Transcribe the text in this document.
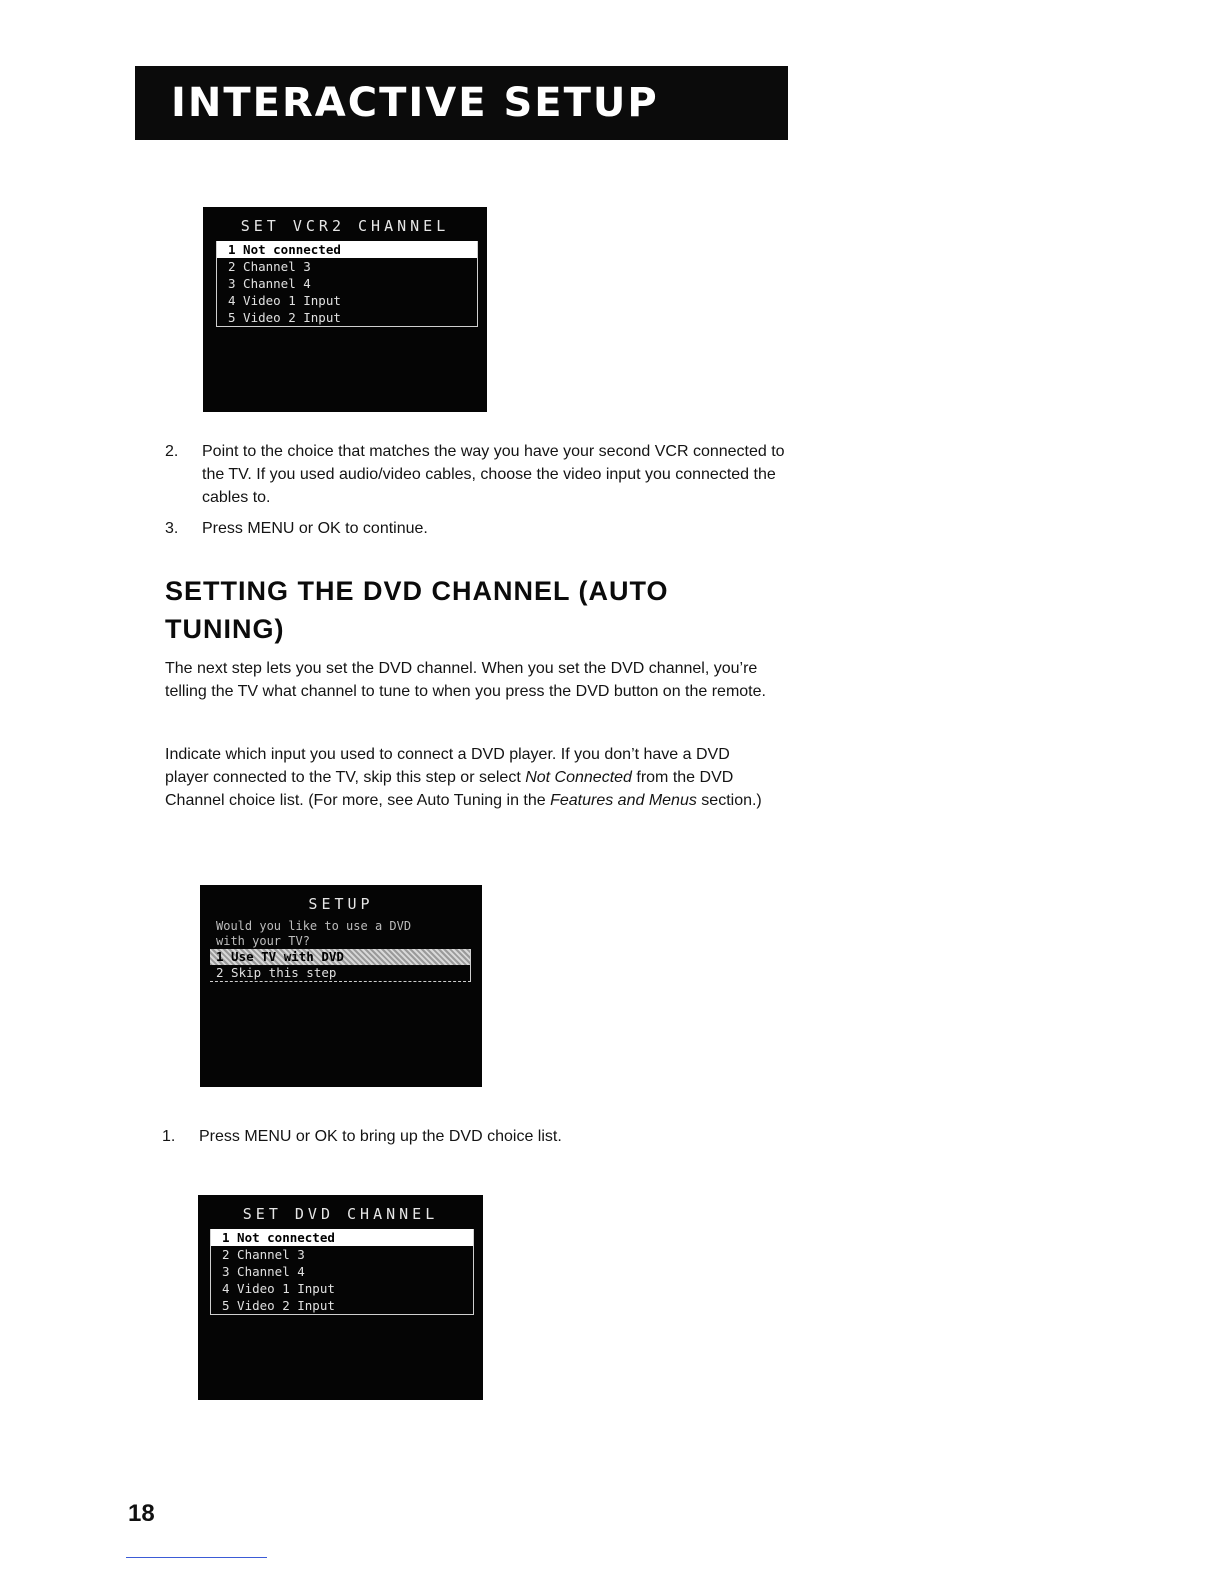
INTERACTIVE SETUP
SET VCR2 CHANNEL
1 Not connected
2 Channel 3
3 Channel 4
4 Video 1 Input
5 Video 2 Input
2. Point to the choice that matches the way you have your second VCR connected to the TV. If you used audio/video cables, choose the video input you connected the cables to.
3. Press MENU or OK to continue.
SETTING THE DVD CHANNEL (AUTO TUNING)
The next step lets you set the DVD channel. When you set the DVD channel, you’re telling the TV what channel to tune to when you press the DVD button on the remote.
Indicate which input you used to connect a DVD player. If you don’t have a DVD player connected to the TV, skip this step or select Not Connected from the DVD Channel choice list. (For more, see Auto Tuning in the Features and Menus section.)
SETUP
Would you like to use a DVD
with your TV?
1 Use TV with DVD
2 Skip this step
1. Press MENU or OK to bring up the DVD choice list.
SET DVD CHANNEL
1 Not connected
2 Channel 3
3 Channel 4
4 Video 1 Input
5 Video 2 Input
18
